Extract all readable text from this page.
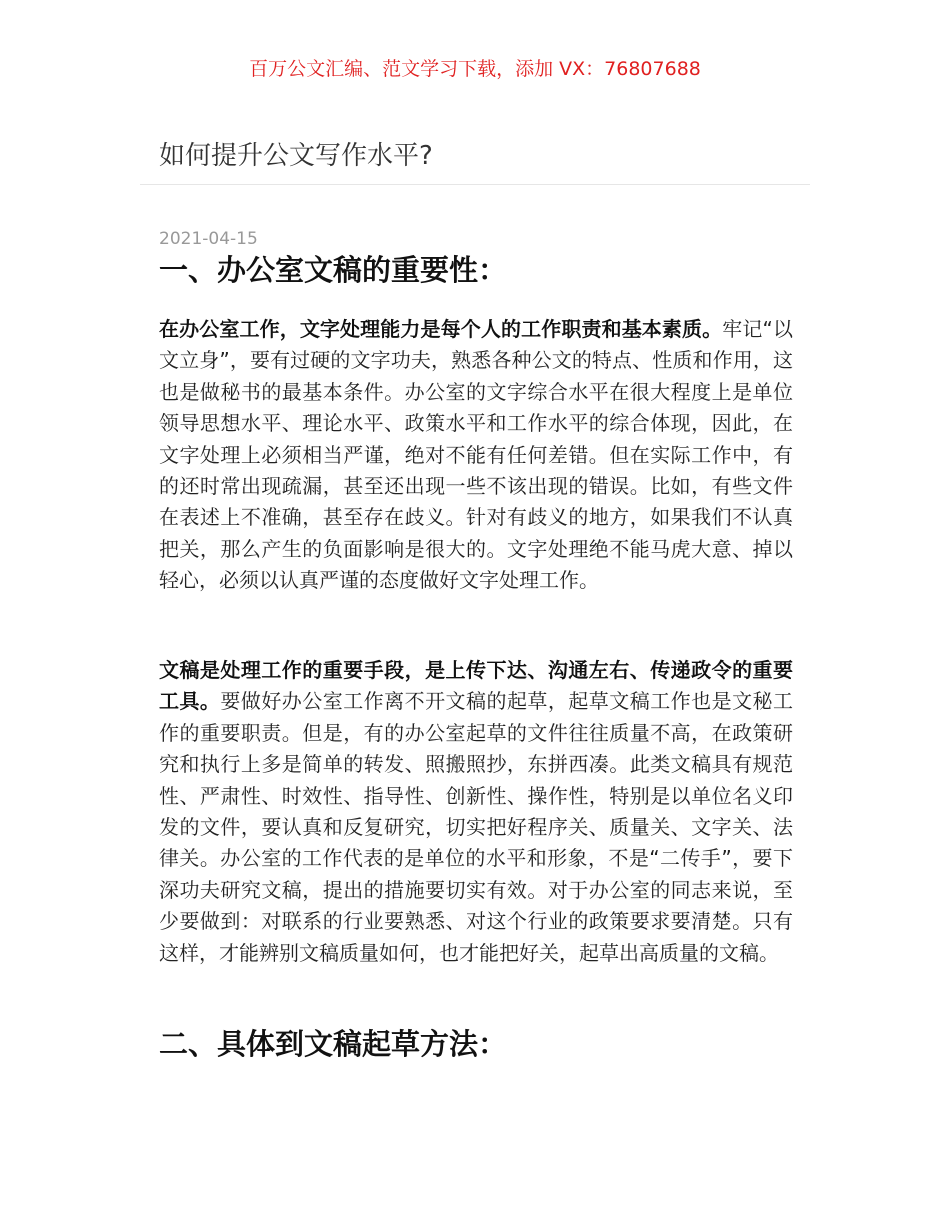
百万公文汇编、范文学习下载，添加 VX：76807688
如何提升公文写作水平?
2021-04-15
一、办公室文稿的重要性：

在办公室工作，文字处理能力是每个人的工作职责和基本素质。牢记“以文立身”，要有过硬的文字功夫，熟悉各种公文的特点、性质和作用，这也是做秘书的最基本条件。办公室的文字综合水平在很大程度上是单位领导思想水平、理论水平、政策水平和工作水平的综合体现，因此，在文字处理上必须相当严谨，绝对不能有任何差错。但在实际工作中，有的还时常出现疏漏，甚至还出现一些不该出现的错误。比如，有些文件在表述上不准确，甚至存在歧义。针对有歧义的地方，如果我们不认真把关，那么产生的负面影响是很大的。文字处理绝不能马虎大意、掉以轻心，必须以认真严谨的态度做好文字处理工作。

文稿是处理工作的重要手段，是上传下达、沟通左右、传递政令的重要工具。要做好办公室工作离不开文稿的起草，起草文稿工作也是文秘工作的重要职责。但是，有的办公室起草的文件往往质量不高，在政策研究和执行上多是简单的转发、照搬照抄，东拼西凑。此类文稿具有规范性、严肃性、时效性、指导性、创新性、操作性，特别是以单位名义印发的文件，要认真和反复研究，切实把好程序关、质量关、文字关、法律关。办公室的工作代表的是单位的水平和形象，不是“二传手”，要下深功夫研究文稿，提出的措施要切实有效。对于办公室的同志来说，至少要做到：对联系的行业要熟悉、对这个行业的政策要求要清楚。只有这样，才能辨别文稿质量如何，也才能把好关，起草出高质量的文稿。

二、具体到文稿起草方法：
